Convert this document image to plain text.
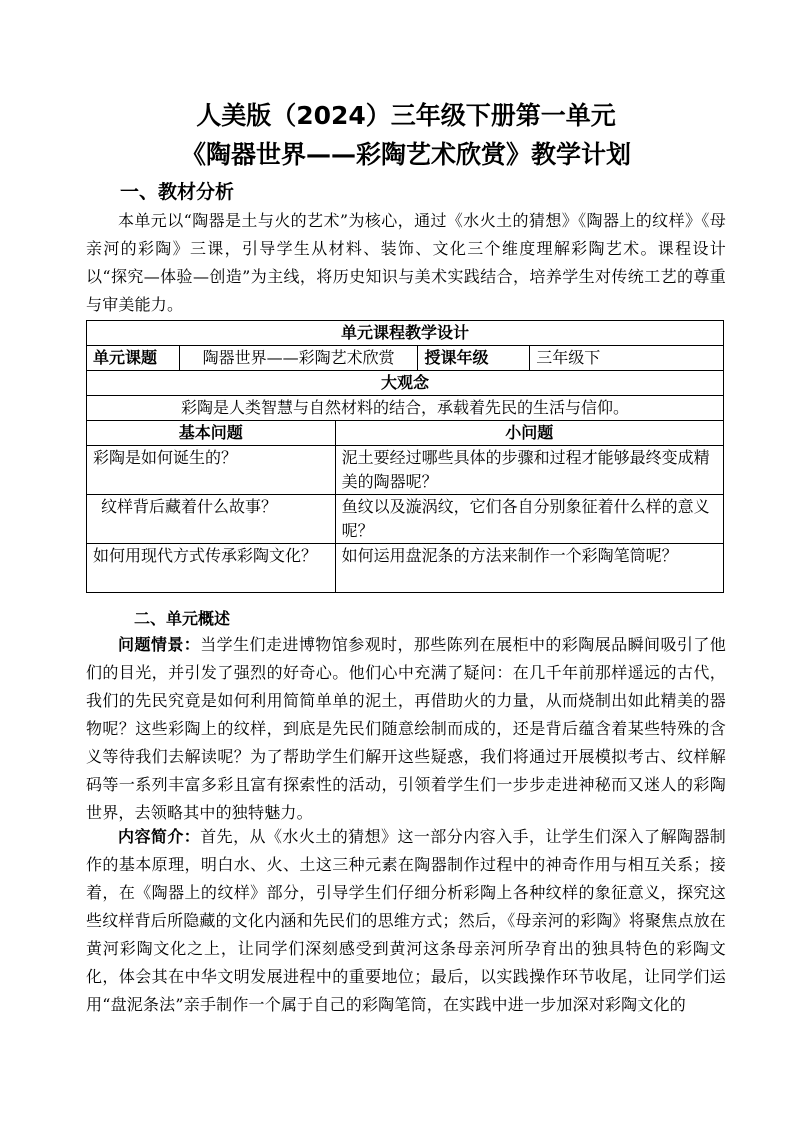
人美版（2024）三年级下册第一单元
《陶器世界——彩陶艺术欣赏》教学计划
一、教材分析
本单元以“陶器是土与火的艺术”为核心，通过《水火土的猜想》《陶器上的纹样》《母亲河的彩陶》三课，引导学生从材料、装饰、文化三个维度理解彩陶艺术。课程设计以“探究—体验—创造”为主线，将历史知识与美术实践结合，培养学生对传统工艺的尊重与审美能力。
单元课程教学设计				
单元课题	陶器世界——彩陶艺术欣赏		授课年级	三年级下
大观念				
彩陶是人类智慧与自然材料的结合，承载着先民的生活与信仰。				
基本问题		小问题		
彩陶是如何诞生的？		泥土要经过哪些具体的步骤和过程才能够最终变成精美的陶器呢？		
纹样背后藏着什么故事？		鱼纹以及漩涡纹，它们各自分别象征着什么样的意义呢？		
如何用现代方式传承彩陶文化？		如何运用盘泥条的方法来制作一个彩陶笔筒呢？		
二、单元概述
问题情景：当学生们走进博物馆参观时，那些陈列在展柜中的彩陶展品瞬间吸引了他们的目光，并引发了强烈的好奇心。他们心中充满了疑问：在几千年前那样遥远的古代，我们的先民究竟是如何利用简简单单的泥土，再借助火的力量，从而烧制出如此精美的器物呢？这些彩陶上的纹样，到底是先民们随意绘制而成的，还是背后蕴含着某些特殊的含义等待我们去解读呢？为了帮助学生们解开这些疑惑，我们将通过开展模拟考古、纹样解码等一系列丰富多彩且富有探索性的活动，引领着学生们一步步走进神秘而又迷人的彩陶世界，去领略其中的独特魅力。
内容简介：首先，从《水火土的猜想》这一部分内容入手，让学生们深入了解陶器制作的基本原理，明白水、火、土这三种元素在陶器制作过程中的神奇作用与相互关系；接着，在《陶器上的纹样》部分，引导学生们仔细分析彩陶上各种纹样的象征意义，探究这些纹样背后所隐藏的文化内涵和先民们的思维方式；然后，《母亲河的彩陶》将聚焦点放在黄河彩陶文化之上，让同学们深刻感受到黄河这条母亲河所孕育出的独具特色的彩陶文化，体会其在中华文明发展进程中的重要地位；最后，以实践操作环节收尾，让同学们运用“盘泥条法”亲手制作一个属于自己的彩陶笔筒，在实践中进一步加深对彩陶文化的
